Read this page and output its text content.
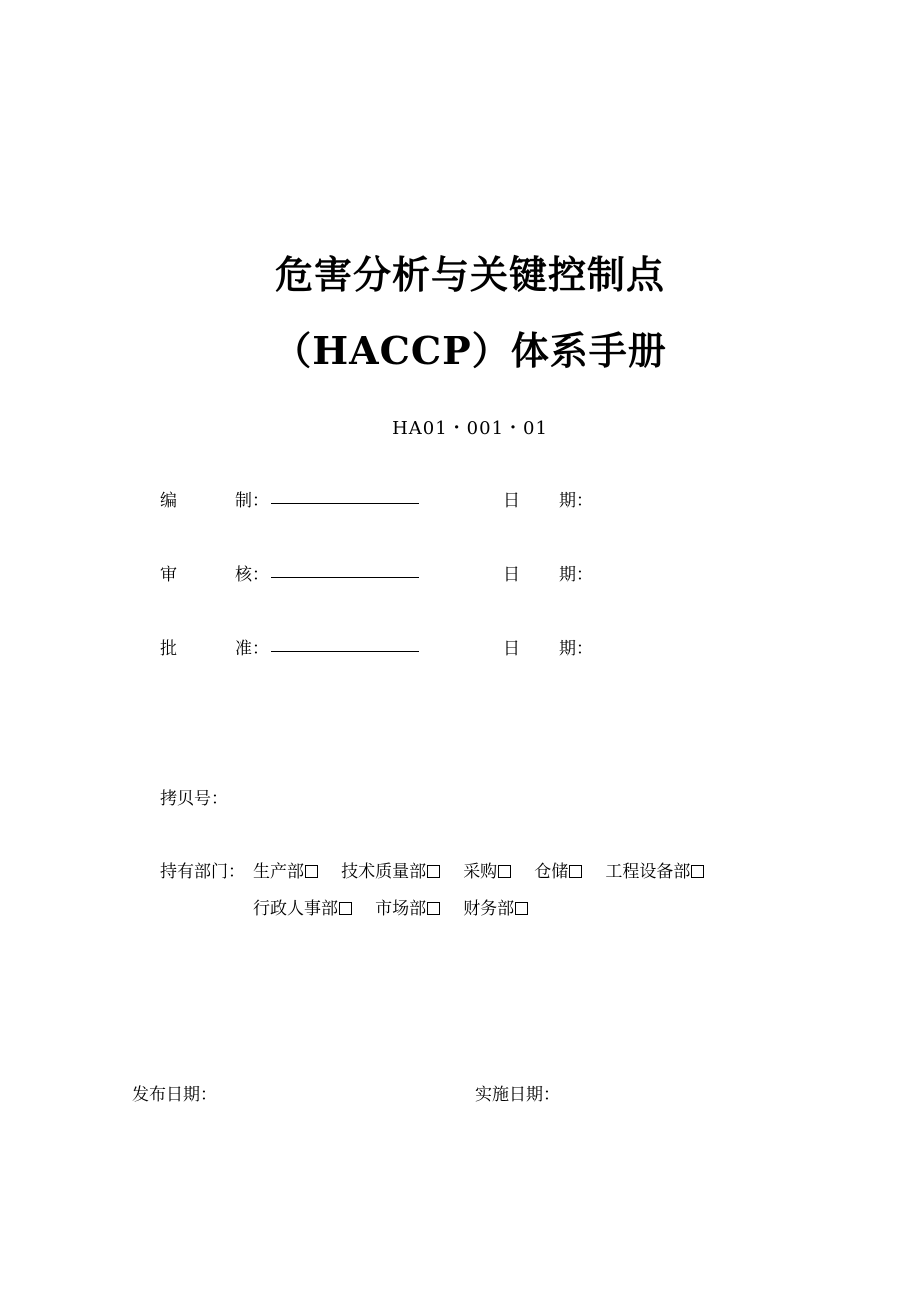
危害分析与关键控制点
（HACCP）体系手册
HA01・001・01
编	制：	日 期：
审	核：	日 期：
批	准：	日 期：
拷贝号：
持有部门： 生产部 技术质量部 采购 仓储 工程设备部
行政人事部 市场部 财务部
发布日期：	实施日期：
